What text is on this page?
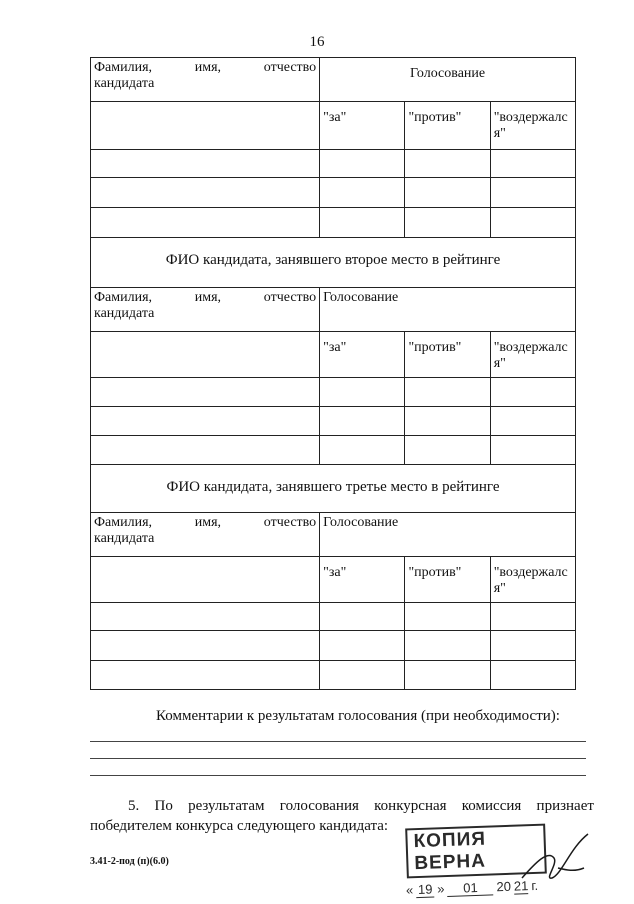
16
Фамилия, имя, отчество
кандидата	Голосование		
	"за"	"против"	"воздержался"

ФИО кандидата, занявшего второе место в рейтинге			

Фамилия, имя, отчество
кандидата	Голосование		
	"за"	"против"	"воздержался"

ФИО кандидата, занявшего третье место в рейтинге			

Фамилия, имя, отчество
кандидата	Голосование		
	"за"	"против"	"воздержался"

Комментарии к результатам голосования (при необходимости):
5. По результатам голосования конкурсная комиссия признает
победителем конкурса следующего кандидата:
3.41-2-под (п)(6.0)
КОПИЯ ВЕРНА
« 19 »	01	20 21 г.
